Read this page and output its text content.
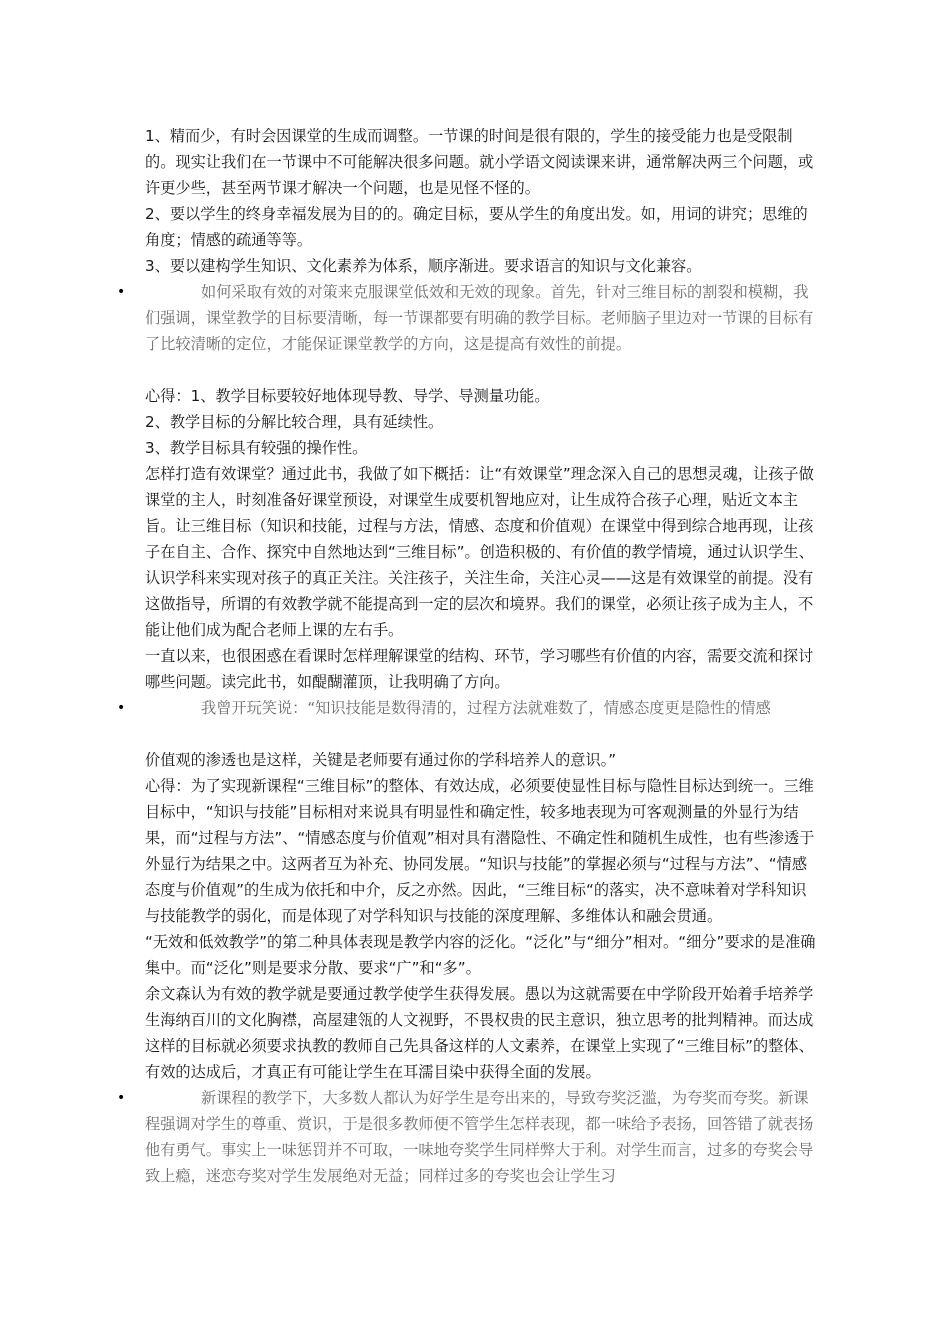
1、精而少，有时会因课堂的生成而调整。一节课的时间是很有限的，学生的接受能力也是受限制的。现实让我们在一节课中不可能解决很多问题。就小学语文阅读课来讲，通常解决两三个问题，或许更少些，甚至两节课才解决一个问题，也是见怪不怪的。

2、要以学生的终身幸福发展为目的的。确定目标，要从学生的角度出发。如，用词的讲究；思维的角度；情感的疏通等等。

3、要以建构学生知识、文化素养为体系，顺序渐进。要求语言的知识与文化兼容。

•	如何采取有效的对策来克服课堂低效和无效的现象。首先，针对三维目标的割裂和模糊，我们强调，课堂教学的目标要清晰，每一节课都要有明确的教学目标。老师脑子里边对一节课的目标有了比较清晰的定位，才能保证课堂教学的方向，这是提高有效性的前提。

心得：1、教学目标要较好地体现导教、导学、导测量功能。

2、教学目标的分解比较合理，具有延续性。

3、教学目标具有较强的操作性。

怎样打造有效课堂？通过此书，我做了如下概括：让“有效课堂”理念深入自己的思想灵魂，让孩子做课堂的主人，时刻准备好课堂预设，对课堂生成要机智地应对，让生成符合孩子心理，贴近文本主旨。让三维目标（知识和技能，过程与方法，情感、态度和价值观）在课堂中得到综合地再现，让孩子在自主、合作、探究中自然地达到“三维目标”。创造积极的、有价值的教学情境，通过认识学生、认识学科来实现对孩子的真正关注。关注孩子，关注生命，关注心灵——这是有效课堂的前提。没有这做指导，所谓的有效教学就不能提高到一定的层次和境界。我们的课堂，必须让孩子成为主人，不能让他们成为配合老师上课的左右手。

一直以来，也很困惑在看课时怎样理解课堂的结构、环节，学习哪些有价值的内容，需要交流和探讨哪些问题。读完此书，如醍醐灌顶，让我明确了方向。

•	我曾开玩笑说：“知识技能是数得清的，过程方法就难数了，情感态度更是隐性的情感

价值观的渗透也是这样，关键是老师要有通过你的学科培养人的意识。”

心得：为了实现新课程“三维目标”的整体、有效达成，必须要使显性目标与隐性目标达到统一。三维目标中，“知识与技能”目标相对来说具有明显性和确定性，较多地表现为可客观测量的外显行为结果，而“过程与方法”、“情感态度与价值观”相对具有潜隐性、不确定性和随机生成性，也有些渗透于外显行为结果之中。这两者互为补充、协同发展。“知识与技能”的掌握必须与“过程与方法”、“情感态度与价值观”的生成为依托和中介，反之亦然。因此，“三维目标“的落实，决不意味着对学科知识与技能教学的弱化，而是体现了对学科知识与技能的深度理解、多维体认和融会贯通。

“无效和低效教学”的第二种具体表现是教学内容的泛化。“泛化”与“细分”相对。“细分”要求的是准确集中。而“泛化”则是要求分散、要求“广”和“多”。

余文森认为有效的教学就是要通过教学使学生获得发展。愚以为这就需要在中学阶段开始着手培养学生海纳百川的文化胸襟，高屋建瓴的人文视野，不畏权贵的民主意识，独立思考的批判精神。而达成这样的目标就必须要求执教的教师自己先具备这样的人文素养，在课堂上实现了“三维目标”的整体、有效的达成后，才真正有可能让学生在耳濡目染中获得全面的发展。

•	新课程的教学下，大多数人都认为好学生是夸出来的，导致夸奖泛滥，为夸奖而夸奖。新课程强调对学生的尊重、赏识，于是很多教师便不管学生怎样表现，都一味给予表扬，回答错了就表扬他有勇气。事实上一味惩罚并不可取，一味地夸奖学生同样弊大于利。对学生而言，过多的夸奖会导致上瘾，迷恋夸奖对学生发展绝对无益；同样过多的夸奖也会让学生习
